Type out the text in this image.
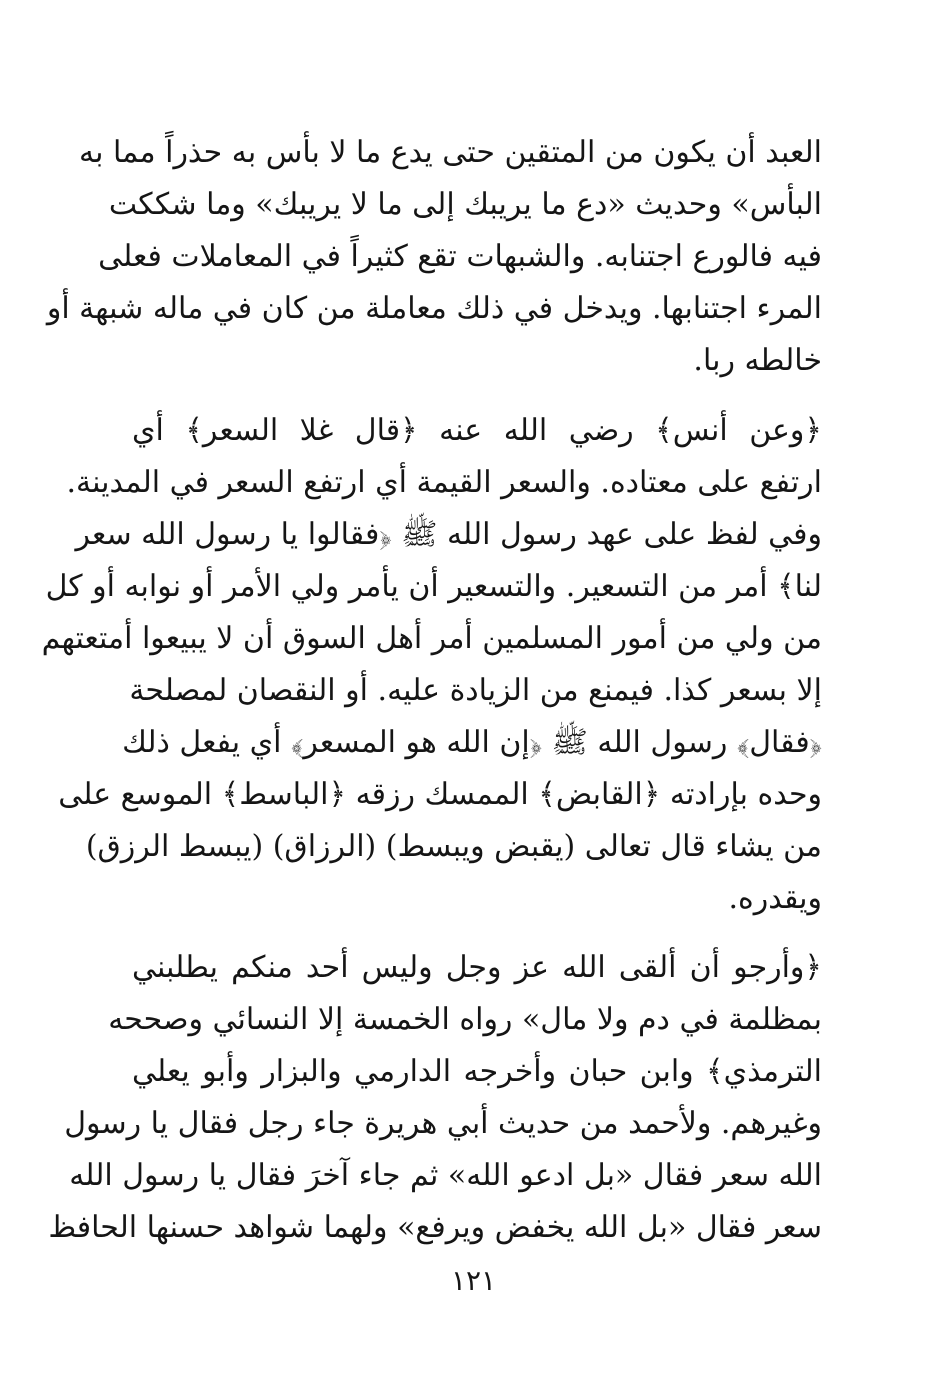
العبد أن يكون من المتقين حتى يدع ما لا بأس به حذراً مما به
البأس» وحديث «دع ما يريبك إلى ما لا يريبك» وما شككت
فيه فالورع اجتنابه. والشبهات تقع كثيراً في المعاملات فعلى
المرء اجتنابها. ويدخل في ذلك معاملة من كان في ماله شبهة أو
خالطه ربا.
﴿وعن أنس﴾ رضي الله عنه ﴿قال غلا السعر﴾ أي
ارتفع على معتاده. والسعر القيمة أي ارتفع السعر في المدينة.
وفي لفظ على عهد رسول الله ﷺ ﴿فقالوا يا رسول الله سعر
لنا﴾ أمر من التسعير. والتسعير أن يأمر ولي الأمر أو نوابه أو كل
من ولي من أمور المسلمين أمر أهل السوق أن لا يبيعوا أمتعتهم
إلا بسعر كذا. فيمنع من الزيادة عليه. أو النقصان لمصلحة
﴿فقال﴾ رسول الله ﷺ ﴿إن الله هو المسعر﴾ أي يفعل ذلك
وحده بإرادته ﴿القابض﴾ الممسك رزقه ﴿الباسط﴾ الموسع على
من يشاء قال تعالى (يقبض ويبسط) (الرزاق) (يبسط الرزق)
ويقدره.
﴿وأرجو أن ألقى الله عز وجل وليس أحد منكم يطلبني
بمظلمة في دم ولا مال» رواه الخمسة إلا النسائي وصححه
الترمذي﴾ وابن حبان وأخرجه الدارمي والبزار وأبو يعلي
وغيرهم. ولأحمد من حديث أبي هريرة جاء رجل فقال يا رسول
الله سعر فقال «بل ادعو الله» ثم جاء آخرَ فقال يا رسول الله
سعر فقال «بل الله يخفض ويرفع» ولهما شواهد حسنها الحافظ
١٢١
